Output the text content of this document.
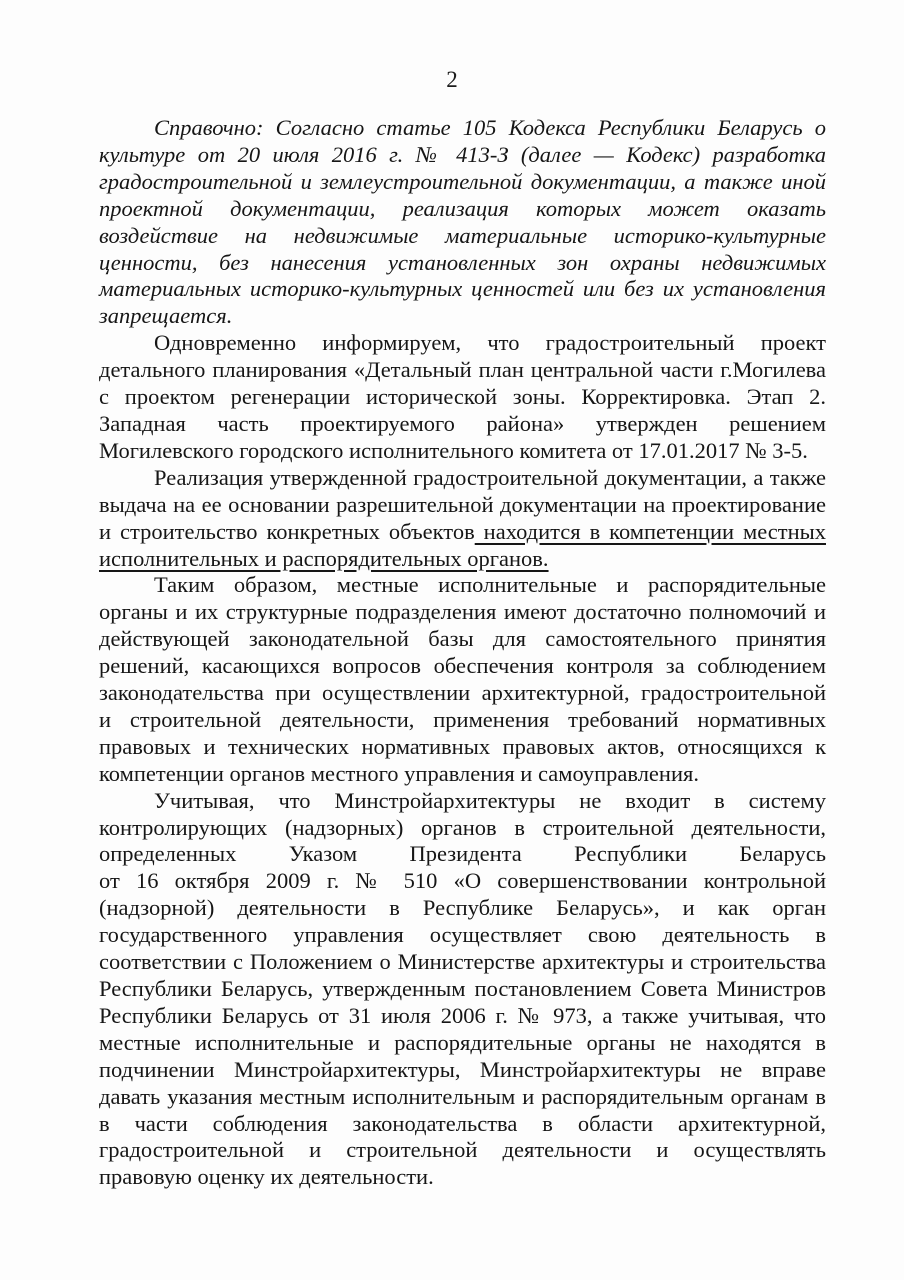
2
Справочно: Согласно статье 105 Кодекса Республики Беларусь о
культуре от 20 июля 2016 г. № 413-З (далее — Кодекс) разработка
градостроительной и землеустроительной документации, а также иной
проектной документации, реализация которых может оказать
воздействие на недвижимые материальные историко-культурные
ценности, без нанесения установленных зон охраны недвижимых
материальных историко-культурных ценностей или без их установления
запрещается.
Одновременно информируем, что градостроительный проект
детального планирования «Детальный план центральной части г.Могилева
с проектом регенерации исторической зоны. Корректировка. Этап 2.
Западная часть проектируемого района» утвержден решением
Могилевского городского исполнительного комитета от 17.01.2017 № 3-5.
Реализация утвержденной градостроительной документации, а также
выдача на ее основании разрешительной документации на проектирование
и строительство конкретных объектов находится в компетенции местных
исполнительных и распорядительных органов.
Таким образом, местные исполнительные и распорядительные
органы и их структурные подразделения имеют достаточно полномочий и
действующей законодательной базы для самостоятельного принятия
решений, касающихся вопросов обеспечения контроля за соблюдением
законодательства при осуществлении архитектурной, градостроительной
и строительной деятельности, применения требований нормативных
правовых и технических нормативных правовых актов, относящихся к
компетенции органов местного управления и самоуправления.
Учитывая, что Минстройархитектуры не входит в систему
контролирующих (надзорных) органов в строительной деятельности,
определенных Указом Президента Республики Беларусь
от 16 октября 2009 г. № 510 «О совершенствовании контрольной
(надзорной) деятельности в Республике Беларусь», и как орган
государственного управления осуществляет свою деятельность в
соответствии с Положением о Министерстве архитектуры и строительства
Республики Беларусь, утвержденным постановлением Совета Министров
Республики Беларусь от 31 июля 2006 г. № 973, а также учитывая, что
местные исполнительные и распорядительные органы не находятся в
подчинении Минстройархитектуры, Минстройархитектуры не вправе
давать указания местным исполнительным и распорядительным органам в
в части соблюдения законодательства в области архитектурной,
градостроительной и строительной деятельности и осуществлять
правовую оценку их деятельности.
